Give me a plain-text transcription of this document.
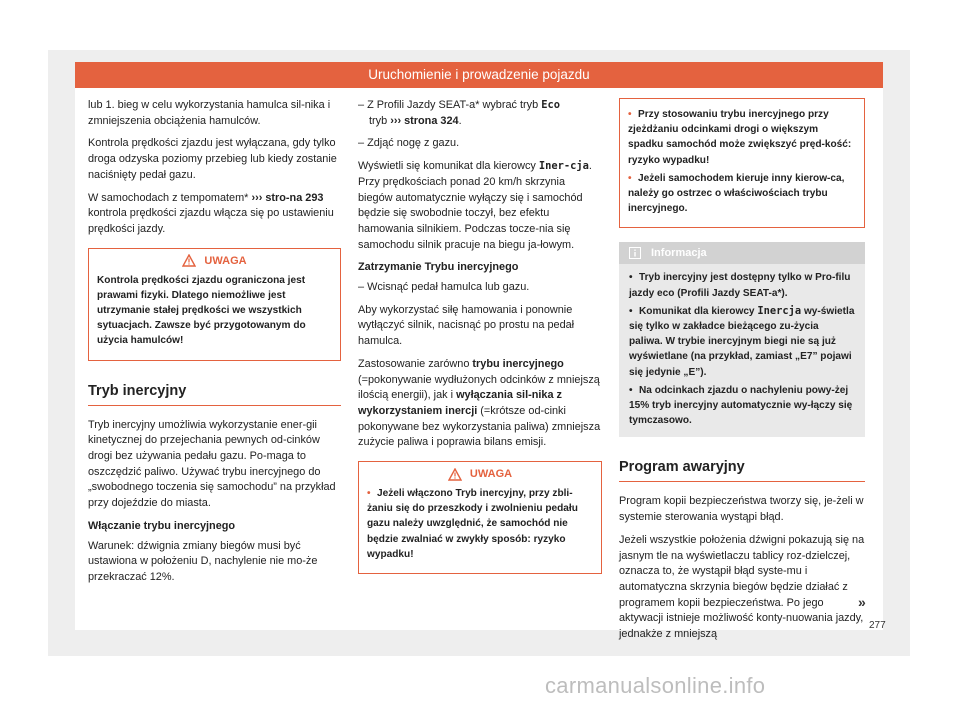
Uruchomienie i prowadzenie pojazdu

lub 1. bieg w celu wykorzystania hamulca sil-nika i zmniejszenia obciążenia hamulców.

Kontrola prędkości zjazdu jest wyłączana, gdy tylko droga odzyska poziomy przebieg lub kiedy zostanie naciśnięty pedał gazu.

W samochodach z tempomatem* ››› stro-na 293 kontrola prędkości zjazdu włącza się po ustawieniu prędkości jazdy.

UWAGA

Kontrola prędkości zjazdu ograniczona jest prawami fizyki. Dlatego niemożliwe jest utrzymanie stałej prędkości we wszystkich sytuacjach. Zawsze być przygotowanym do użycia hamulców!

Tryb inercyjny

Tryb inercyjny umożliwia wykorzystanie ener-gii kinetycznej do przejechania pewnych od-cinków drogi bez używania pedału gazu. Po-maga to oszczędzić paliwo. Używać trybu inercyjnego do „swobodnego toczenia się samochodu” na przykład przy dojeździe do miasta.

Włączanie trybu inercyjnego

Warunek: dźwignia zmiany biegów musi być ustawiona w położeniu D, nachylenie nie mo-że przekraczać 12%.

– Z Profili Jazdy SEAT-a* wybrać tryb Eco
tryb ››› strona 324.

– Zdjąć nogę z gazu.

Wyświetli się komunikat dla kierowcy Iner-cja. Przy prędkościach ponad 20 km/h skrzynia biegów automatycznie wyłączy się i samochód będzie się swobodnie toczył, bez efektu hamowania silnikiem. Podczas tocze-nia się samochodu silnik pracuje na biegu ja-łowym.

Zatrzymanie Trybu inercyjnego

– Wcisnąć pedał hamulca lub gazu.

Aby wykorzystać siłę hamowania i ponownie wytłączyć silnik, nacisnąć po prostu na pedał hamulca.

Zastosowanie zarówno trybu inercyjnego (=pokonywanie wydłużonych odcinków z mniejszą ilością energii), jak i wyłączania sil-nika z wykorzystaniem inercji (=krótsze od-cinki pokonywane bez wykorzystania paliwa) zmniejsza zużycie paliwa i poprawia bilans emisji.

UWAGA

• Jeżeli włączono Tryb inercyjny, przy zbli-żaniu się do przeszkody i zwolnieniu pedału gazu należy uwzględnić, że samochód nie będzie zwalniać w zwykły sposób: ryzyko wypadku!

• Przy stosowaniu trybu inercyjnego przy zjeżdżaniu odcinkami drogi o większym spadku samochód może zwiększyć pręd-kość: ryzyko wypadku!

• Jeżeli samochodem kieruje inny kierow-ca, należy go ostrzec o właściwościach trybu inercyjnego.

Informacja

• Tryb inercyjny jest dostępny tylko w Pro-filu jazdy eco (Profili Jazdy SEAT-a*).

• Komunikat dla kierowcy Inercja wy-świetla się tylko w zakładce bieżącego zu-życia paliwa. W trybie inercyjnym biegi nie są już wyświetlane (na przykład, zamiast „E7” pojawi się jedynie „E”).

• Na odcinkach zjazdu o nachyleniu powy-żej 15% tryb inercyjny automatycznie wy-łączy się tymczasowo.

Program awaryjny

Program kopii bezpieczeństwa tworzy się, je-żeli w systemie sterowania wystąpi błąd.

Jeżeli wszystkie położenia dźwigni pokazują się na jasnym tle na wyświetlaczu tablicy roz-dzielczej, oznacza to, że wystąpił błąd syste-mu i automatyczna skrzynia biegów będzie działać z programem kopii bezpieczeństwa. Po jego aktywacji istnieje możliwość konty-nuowania jazdy, jednakże z mniejszą

»
277
carmanualsonline.info
